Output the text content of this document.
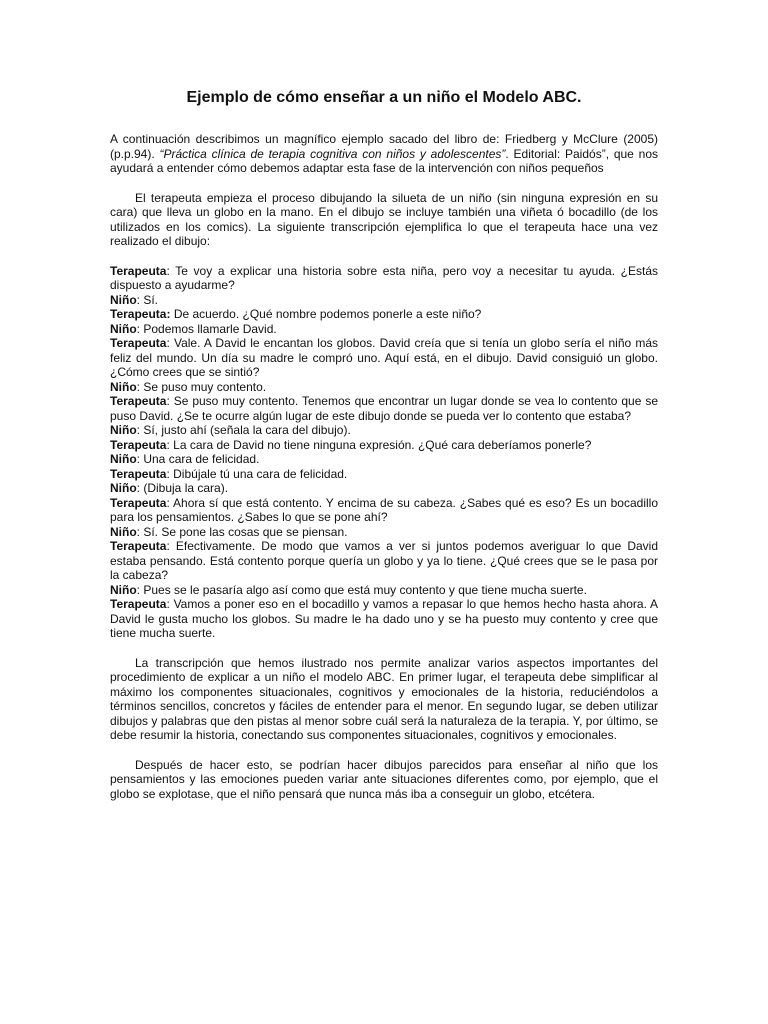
Ejemplo de cómo enseñar a un niño el Modelo ABC.
A continuación describimos un magnífico ejemplo sacado del libro de: Friedberg y McClure (2005) (p.p.94). “Práctica clínica de terapia cognitiva con niños y adolescentes”. Editorial: Paidós”, que nos ayudará a entender cómo debemos adaptar esta fase de la intervención con niños pequeños
El terapeuta empieza el proceso dibujando la silueta de un niño (sin ninguna expresión en su cara) que lleva un globo en la mano. En el dibujo se incluye también una viñeta ó bocadillo (de los utilizados en los comics). La siguiente transcripción ejemplifica lo que el terapeuta hace una vez realizado el dibujo:
Terapeuta: Te voy a explicar una historia sobre esta niña, pero voy a necesitar tu ayuda. ¿Estás dispuesto a ayudarme?
Niño: Sí.
Terapeuta: De acuerdo. ¿Qué nombre podemos ponerle a este niño?
Niño: Podemos llamarle David.
Terapeuta: Vale. A David le encantan los globos. David creía que si tenía un globo sería el niño más feliz del mundo. Un día su madre le compró uno. Aquí está, en el dibujo. David consiguió un globo. ¿Cómo crees que se sintió?
Niño: Se puso muy contento.
Terapeuta: Se puso muy contento. Tenemos que encontrar un lugar donde se vea lo contento que se puso David. ¿Se te ocurre algún lugar de este dibujo donde se pueda ver lo contento que estaba?
Niño: Sí, justo ahí (señala la cara del dibujo).
Terapeuta: La cara de David no tiene ninguna expresión. ¿Qué cara deberíamos ponerle?
Niño: Una cara de felicidad.
Terapeuta: Dibújale tú una cara de felicidad.
Niño: (Dibuja la cara).
Terapeuta: Ahora sí que está contento. Y encima de su cabeza. ¿Sabes qué es eso? Es un bocadillo para los pensamientos. ¿Sabes lo que se pone ahí?
Niño: Sí. Se pone las cosas que se piensan.
Terapeuta: Efectivamente. De modo que vamos a ver si juntos podemos averiguar lo que David estaba pensando. Está contento porque quería un globo y ya lo tiene. ¿Qué crees que se le pasa por la cabeza?
Niño: Pues se le pasaría algo así como que está muy contento y que tiene mucha suerte.
Terapeuta: Vamos a poner eso en el bocadillo y vamos a repasar lo que hemos hecho hasta ahora. A David le gusta mucho los globos. Su madre le ha dado uno y se ha puesto muy contento y cree que tiene mucha suerte.
La transcripción que hemos ilustrado nos permite analizar varios aspectos importantes del procedimiento de explicar a un niño el modelo ABC. En primer lugar, el terapeuta debe simplificar al máximo los componentes situacionales, cognitivos y emocionales de la historia, reduciéndolos a términos sencillos, concretos y fáciles de entender para el menor. En segundo lugar, se deben utilizar dibujos y palabras que den pistas al menor sobre cuál será la naturaleza de la terapia. Y, por último, se debe resumir la historia, conectando sus componentes situacionales, cognitivos y emocionales.
Después de hacer esto, se podrían hacer dibujos parecidos para enseñar al niño que los pensamientos y las emociones pueden variar ante situaciones diferentes como, por ejemplo, que el globo se explotase, que el niño pensará que nunca más iba a conseguir un globo, etcétera.
